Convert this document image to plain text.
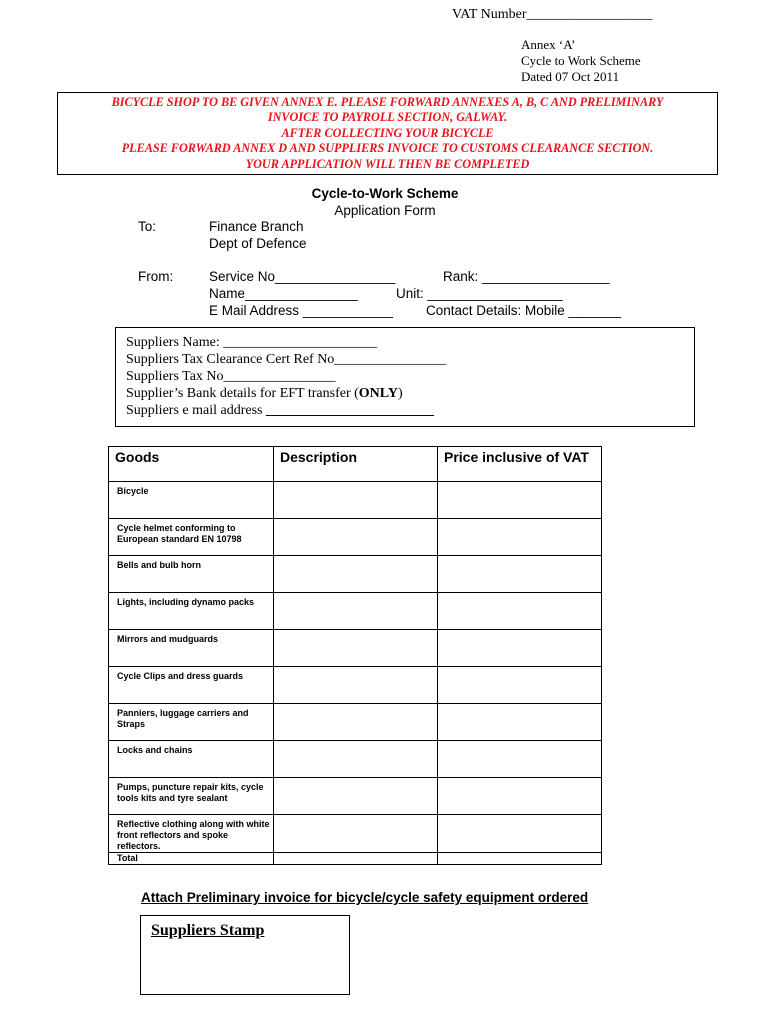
Annex ‘A’
Cycle to Work Scheme
Dated 07 Oct 2011
BICYCLE SHOP TO BE GIVEN ANNEX E. PLEASE FORWARD ANNEXES A, B, C AND PRELIMINARY
INVOICE TO PAYROLL SECTION, GALWAY.
AFTER COLLECTING YOUR BICYCLE
PLEASE FORWARD ANNEX D AND SUPPLIERS INVOICE TO CUSTOMS CLEARANCE SECTION.
YOUR APPLICATION WILL THEN BE COMPLETED
Cycle-to-Work Scheme
Application Form
To:	Finance Branch
Dept of Defence
From:	Service No________________	Rank: _________________
Name_______________	Unit: __________________
E Mail Address ____________ Contact Details: Mobile _______
Suppliers Name: ______________________
Suppliers Tax Clearance Cert Ref No________________
Suppliers Tax No________________
Supplier’s Bank details for EFT transfer (ONLY)
Suppliers e mail address ________________________
VAT Number__________________
Goods	Description	Price inclusive of VAT
Bicycle		
Cycle helmet conforming to European standard EN 10798		
Bells and bulb horn		
Lights, including dynamo packs		
Mirrors and mudguards		
Cycle Clips and dress guards		
Panniers, luggage carriers and Straps		
Locks and chains		
Pumps, puncture repair kits, cycle tools kits and tyre sealant		
Reflective clothing along with white front reflectors and spoke reflectors.		
Total		
Attach Preliminary invoice for bicycle/cycle safety equipment ordered
Suppliers Stamp
